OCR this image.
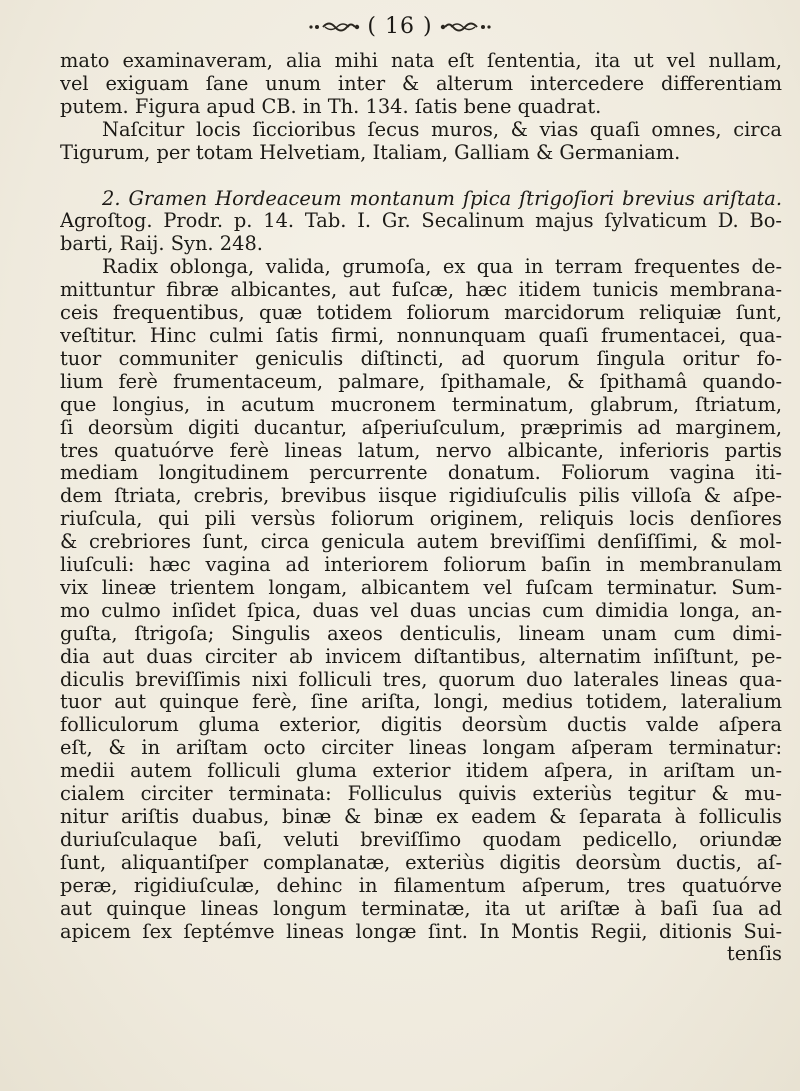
( 16 )

mato examinaveram, alia mihi nata eſt ſententia, ita ut vel nullam,
vel exiguam ſane unum inter & alterum intercedere differentiam
putem. Figura apud CB. in Th. 134. ſatis bene quadrat.
Naſcitur locis ſiccioribus ſecus muros, & vias quaſi omnes, circa
Tigurum, per totam Helvetiam, Italiam, Galliam & Germaniam.

2. Gramen Hordeaceum montanum ſpica ſtrigoſiori brevius ariſtata.
Agroſtog. Prodr. p. 14. Tab. I. Gr. Secalinum majus ſylvaticum D. Bo-
barti, Raij. Syn. 248.
Radix oblonga, valida, grumoſa, ex qua in terram frequentes de-
mittuntur fibræ albicantes, aut fuſcæ, hæc itidem tunicis membrana-
ceis frequentibus, quæ totidem foliorum marcidorum reliquiæ ſunt,
veſtitur. Hinc culmi ſatis firmi, nonnunquam quaſi frumentacei, qua-
tuor communiter geniculis diſtincti, ad quorum ſingula oritur fo-
lium ferè frumentaceum, palmare, ſpithamale, & ſpithamâ quando-
que longius, in acutum mucronem terminatum, glabrum, ſtriatum,
ſi deorsùm digiti ducantur, aſperiuſculum, præprimis ad marginem,
tres quatuórve ferè lineas latum, nervo albicante, inferioris partis
mediam longitudinem percurrente donatum. Foliorum vagina iti-
dem ſtriata, crebris, brevibus iisque rigidiuſculis pilis villoſa & aſpe-
riuſcula, qui pili versùs foliorum originem, reliquis locis denſiores
& crebriores ſunt, circa genicula autem breviſſimi denſiſſimi, & mol-
liuſculi: hæc vagina ad interiorem foliorum baſin in membranulam
vix lineæ trientem longam, albicantem vel fuſcam terminatur. Sum-
mo culmo inſidet ſpica, duas vel duas uncias cum dimidia longa, an-
guſta, ſtrigoſa; Singulis axeos denticulis, lineam unam cum dimi-
dia aut duas circiter ab invicem diſtantibus, alternatim inſiſtunt, pe-
diculis breviſſimis nixi folliculi tres, quorum duo laterales lineas qua-
tuor aut quinque ferè, ſine ariſta, longi, medius totidem, lateralium
folliculorum gluma exterior, digitis deorsùm ductis valde aſpera
eſt, & in ariſtam octo circiter lineas longam aſperam terminatur:
medii autem folliculi gluma exterior itidem aſpera, in ariſtam un-
cialem circiter terminata: Folliculus quivis exteriùs tegitur & mu-
nitur ariſtis duabus, binæ & binæ ex eadem & ſeparata à folliculis
duriuſculaque baſi, veluti breviſſimo quodam pedicello, oriundæ
ſunt, aliquantiſper complanatæ, exteriùs digitis deorsùm ductis, aſ-
peræ, rigidiuſculæ, dehinc in filamentum aſperum, tres quatuórve
aut quinque lineas longum terminatæ, ita ut ariſtæ à baſi ſua ad
apicem ſex ſeptémve lineas longæ ſint. In Montis Regii, ditionis Sui-
tenſis
